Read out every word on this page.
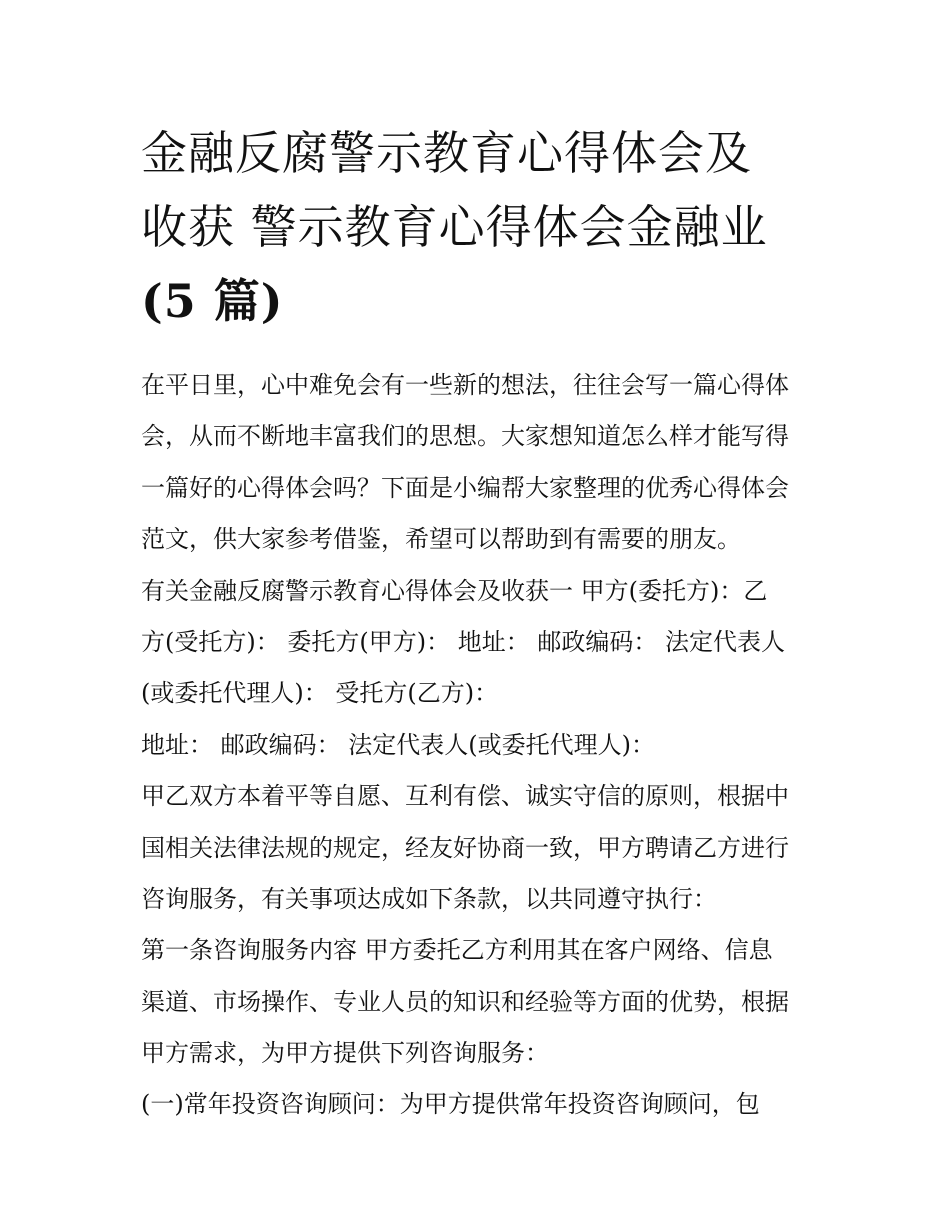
金融反腐警示教育心得体会及
收获 警示教育心得体会金融业
(5 篇)
在平日里，心中难免会有一些新的想法，往往会写一篇心得体
会，从而不断地丰富我们的思想。大家想知道怎么样才能写得
一篇好的心得体会吗？下面是小编帮大家整理的优秀心得体会
范文，供大家参考借鉴，希望可以帮助到有需要的朋友。
有关金融反腐警示教育心得体会及收获一 甲方(委托方)：乙
方(受托方)： 委托方(甲方)： 地址： 邮政编码： 法定代表人
(或委托代理人)： 受托方(乙方)：
地址： 邮政编码： 法定代表人(或委托代理人)：
甲乙双方本着平等自愿、互利有偿、诚实守信的原则，根据中
国相关法律法规的规定，经友好协商一致，甲方聘请乙方进行
咨询服务，有关事项达成如下条款，以共同遵守执行：
第一条咨询服务内容 甲方委托乙方利用其在客户网络、信息
渠道、市场操作、专业人员的知识和经验等方面的优势，根据
甲方需求，为甲方提供下列咨询服务：
(一)常年投资咨询顾问：为甲方提供常年投资咨询顾问，包
